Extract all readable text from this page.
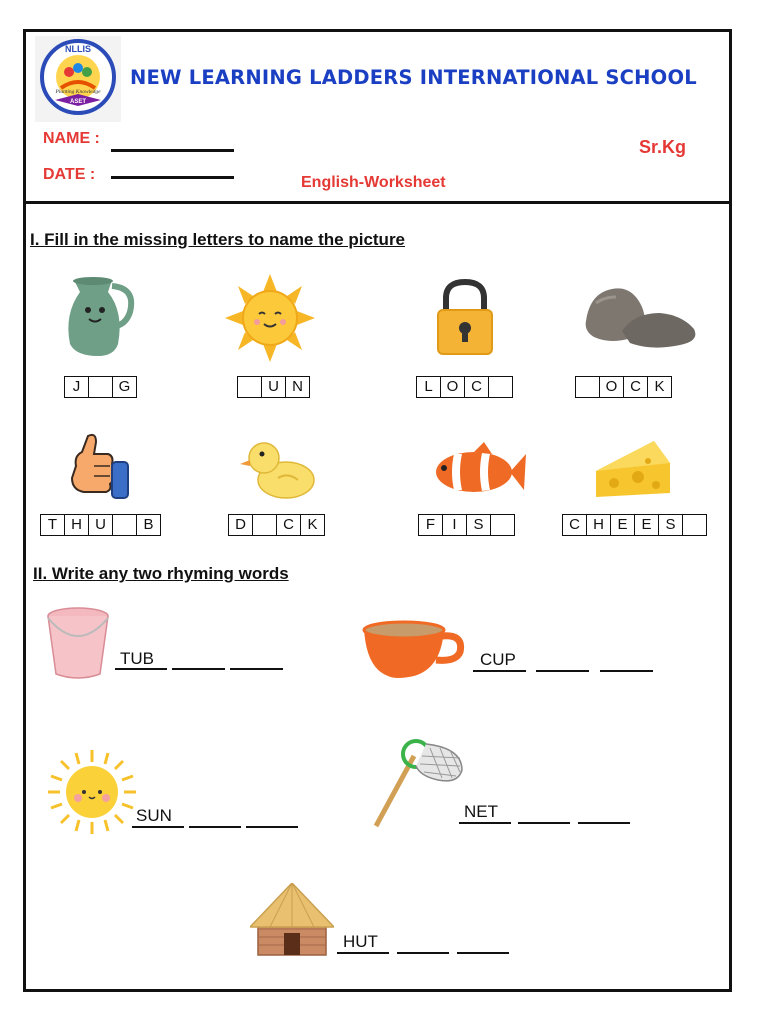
NLLIS
Planting Knowledge
ASET
NEW LEARNING LADDERS INTERNATIONAL SCHOOL
NAME :
DATE :
Sr.Kg
English-Worksheet
I. Fill in the missing letters to name the picture
J	G	U N	L O C	O C K
T H U	B	D	C K	F	I	S	C H E E S
II. Write any two rhyming words
TUB	CUP
SUN	NET
HUT
